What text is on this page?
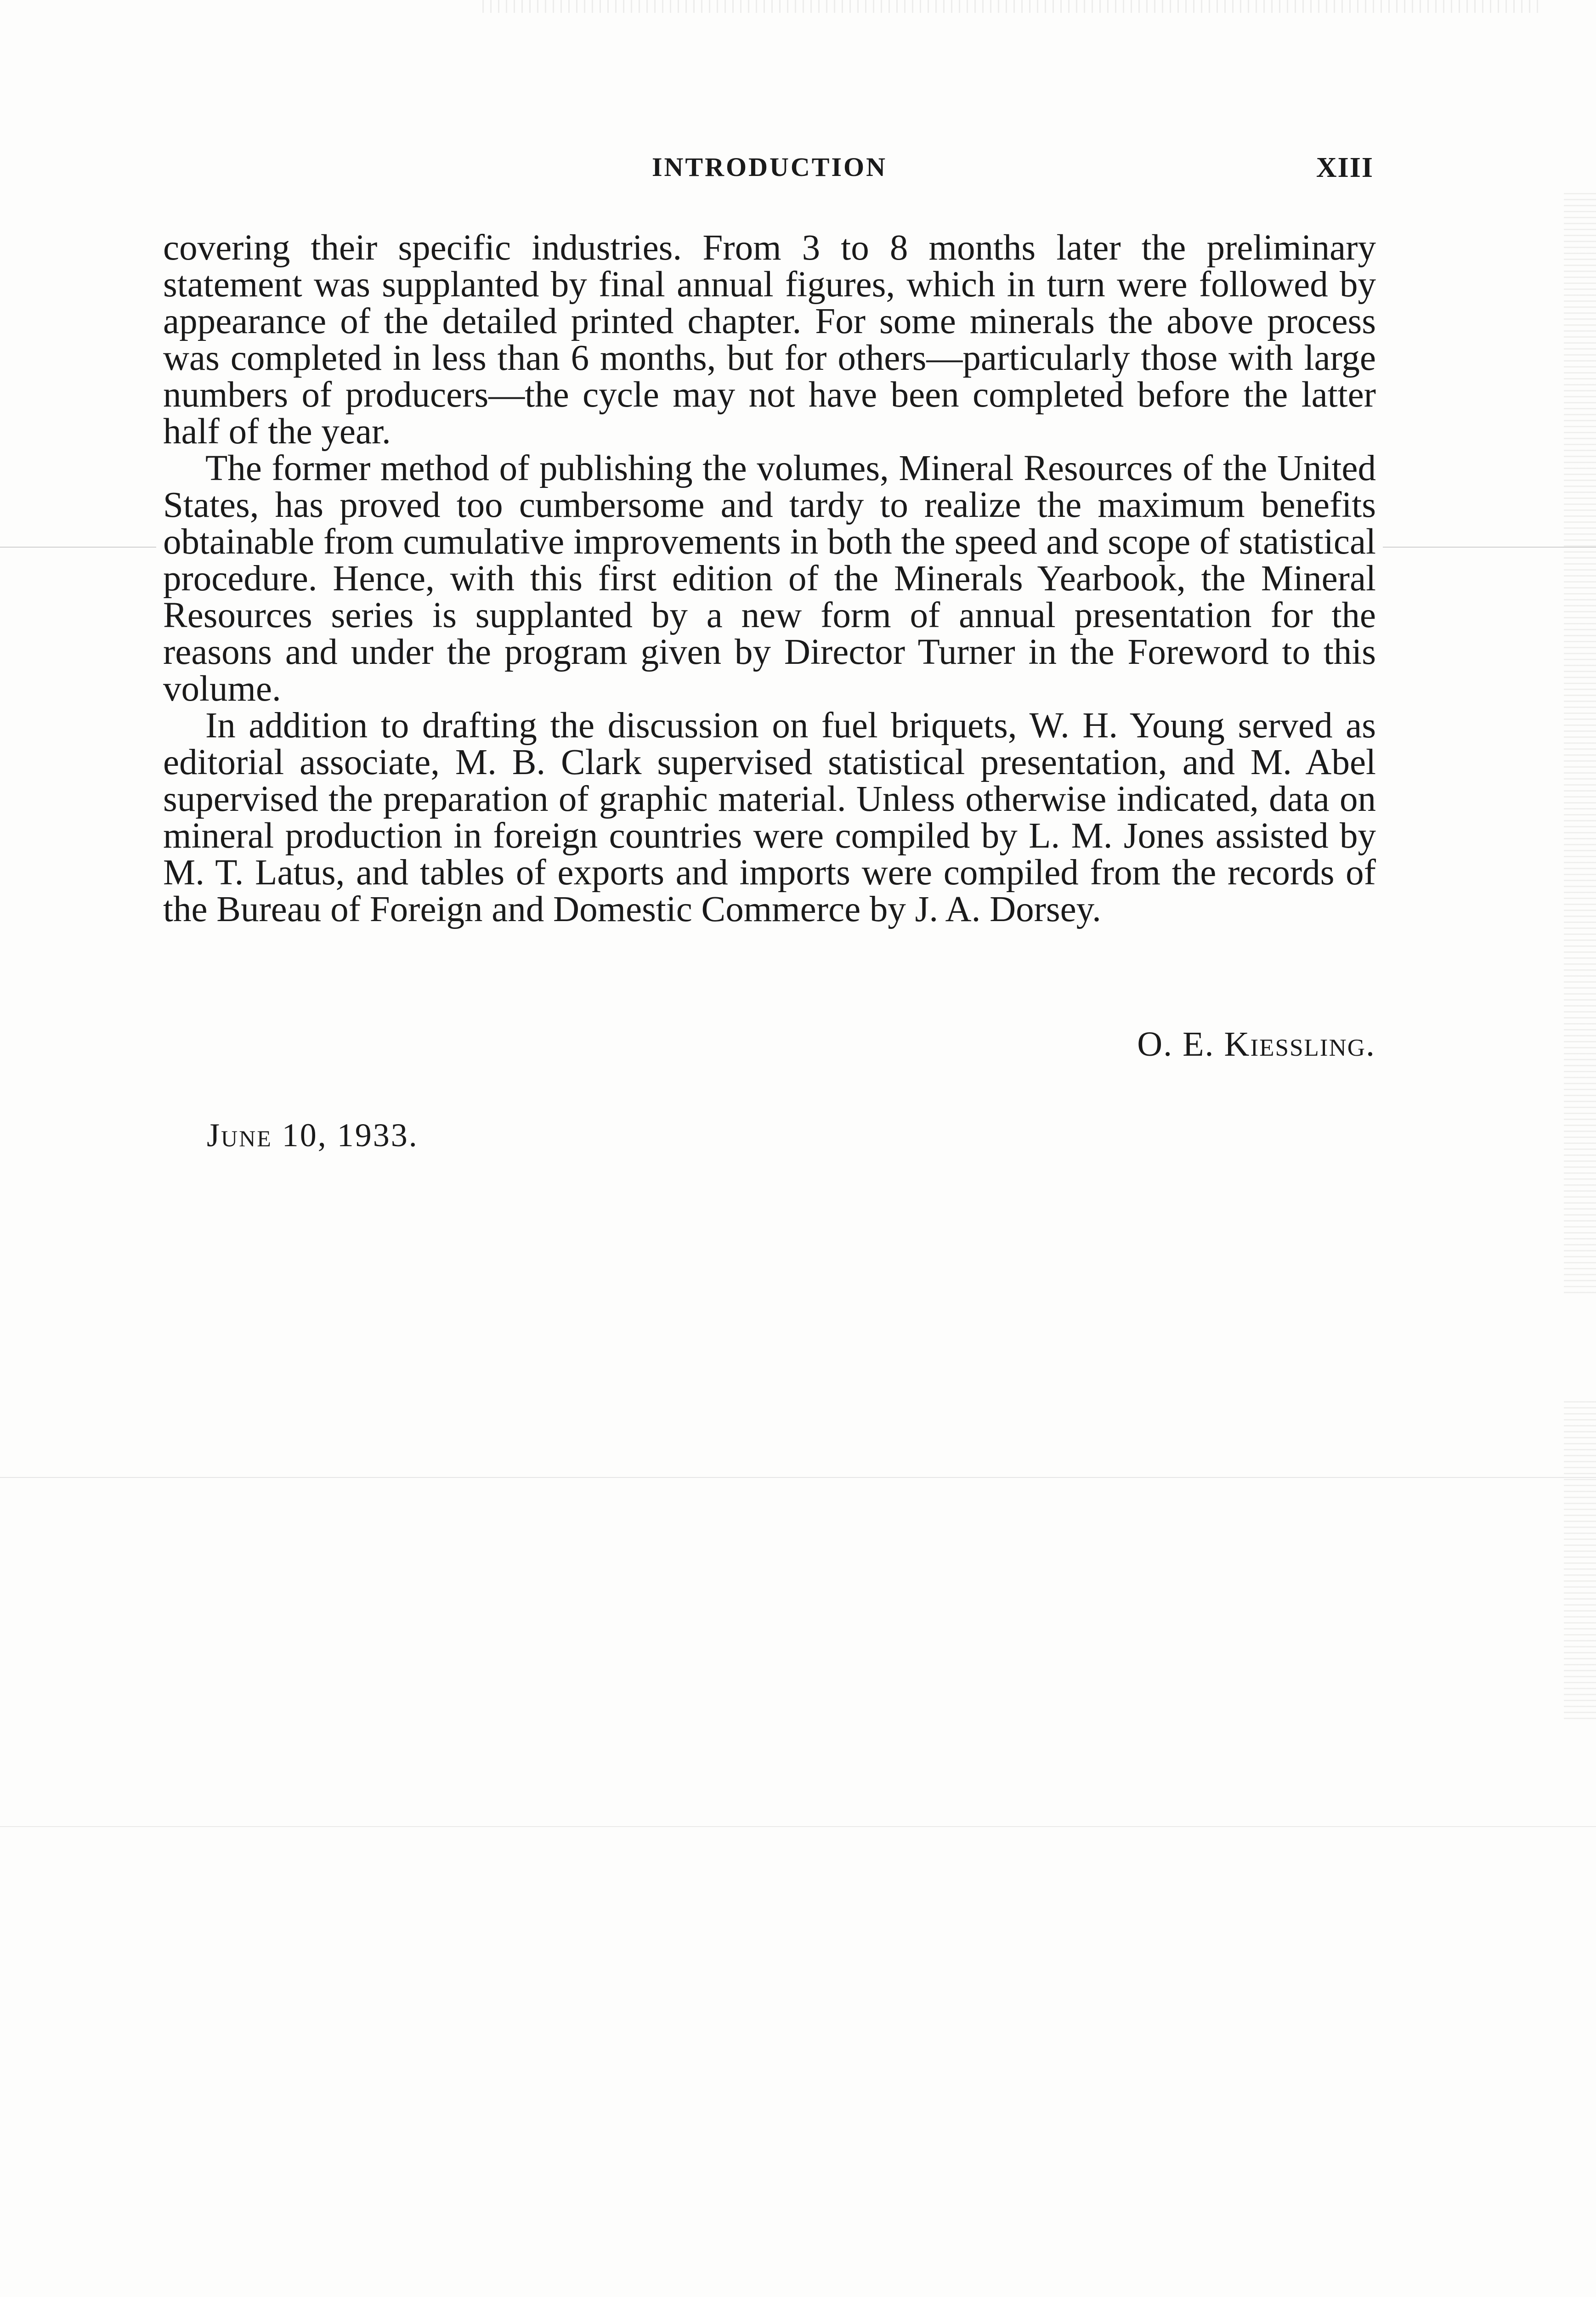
INTRODUCTION	XIII

covering their specific industries. From 3 to 8 months later the preliminary statement was supplanted by final annual figures, which in turn were followed by appearance of the detailed printed chapter. For some minerals the above process was completed in less than 6 months, but for others—particularly those with large numbers of producers—the cycle may not have been completed before the latter half of the year.

The former method of publishing the volumes, Mineral Resources of the United States, has proved too cumbersome and tardy to realize the maximum benefits obtainable from cumulative improvements in both the speed and scope of statistical procedure. Hence, with this first edition of the Minerals Yearbook, the Mineral Resources series is supplanted by a new form of annual presentation for the reasons and under the program given by Director Turner in the Foreword to this volume.

In addition to drafting the discussion on fuel briquets, W. H. Young served as editorial associate, M. B. Clark supervised statistical presentation, and M. Abel supervised the preparation of graphic material. Unless otherwise indicated, data on mineral production in foreign countries were compiled by L. M. Jones assisted by M. T. Latus, and tables of exports and imports were compiled from the records of the Bureau of Foreign and Domestic Commerce by J. A. Dorsey.

O. E. Kiessling.
June 10, 1933.
